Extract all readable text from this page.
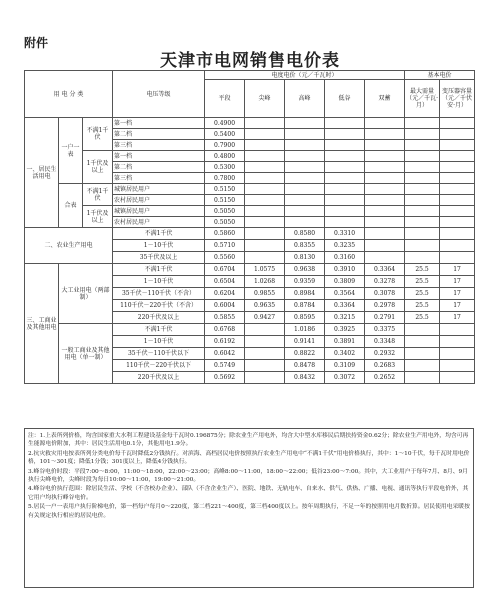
附件
天津市电网销售电价表
用 电 分 类			电压等级	电度电价（元／千瓦时）					基本电价	
				平段	尖峰	高峰	低谷	双蓄	最大需量（元／千瓦·月）	变压器容量（元／千伏安·月）
一、居民生活用电	一户一表	不满1千伏	第一档	0.4900						
			第二档	0.5400						
			第三档	0.7900						
		1千伏及以上	第一档	0.4800						
			第二档	0.5300						
			第三档	0.7800						
	合表	不满1千伏	城镇居民用户	0.5150						
			农村居民用户	0.5150						
		1千伏及以上	城镇居民用户	0.5050						
			农村居民用户	0.5050						
二、农业生产用电			不满1千伏	0.5860		0.8580	0.3310			
			1－10千伏	0.5710		0.8355	0.3235			
			35千伏及以上	0.5560		0.8130	0.3160			
三、工商业及其他用电	大工业用电（两部制）		不满1千伏	0.6704	1.0575	0.9638	0.3910	0.3364	25.5	17
			1－10千伏	0.6504	1.0268	0.9359	0.3809	0.3278	25.5	17
			35千伏－110千伏（不含）	0.6204	0.9855	0.8984	0.3564	0.3078	25.5	17
			110千伏－220千伏（不含）	0.6004	0.9635	0.8784	0.3364	0.2978	25.5	17
			220千伏及以上	0.5855	0.9427	0.8595	0.3215	0.2791	25.5	17
	一般工商业及其他用电（单一制）		不满1千伏	0.6768		1.0186	0.3925	0.3375		
			1－10千伏	0.6192		0.9141	0.3891	0.3348		
			35千伏－110千伏以下	0.6042		0.8822	0.3402	0.2932		
			110千伏－220千伏以下	0.5749		0.8478	0.3109	0.2683		
			220千伏及以上	0.5692		0.8432	0.3072	0.2652		

注：1.上表所列价格，均含国家重大水利工程建设基金每千瓦时0.196875分；除农业生产用电外，均含大中型水库移民后期扶持资金0.62分；除农业生产用电外，均含可再生能源电价附加，其中：居民生活用电0.1分，其他用电1.9分。

2.抗灾救灾用电按表所列分类电价每千瓦时降低2分钱执行。对滨海、高档居民电价按照执行农业生产用电中“不满1千伏”用电价格执行，其中：1～10千伏，每千瓦时用电价格，101～301度；降低1分钱；301度以上，降低4分钱执行。

3.峰谷电价时段：平段7:00～8:00，11:00～18:00，22:00～23:00；高峰8:00～11:00，18:00～22:00；低谷23:00～7:00。其中，大工业用户于每年7月、8月、9月执行尖峰电价，尖峰时段为每日10:00～11:00，19:00～21:00。

4.峰谷电价执行范围：除居民生活、学校（不含校办企业）、部队（不含企业生产）、医院、地铁、无轨电车、自来水、供气、供热、广播、电视、通讯等执行平段电价外，其它用户均执行峰谷电价。

5.居民一户一表用户执行阶梯电价，第一档每户每月0～220度，第二档221～400度，第三档400度以上。按年周期执行，不足一年的按照用电月数折算。居民使用电采暖按有关规定执行相应的居民电价。
